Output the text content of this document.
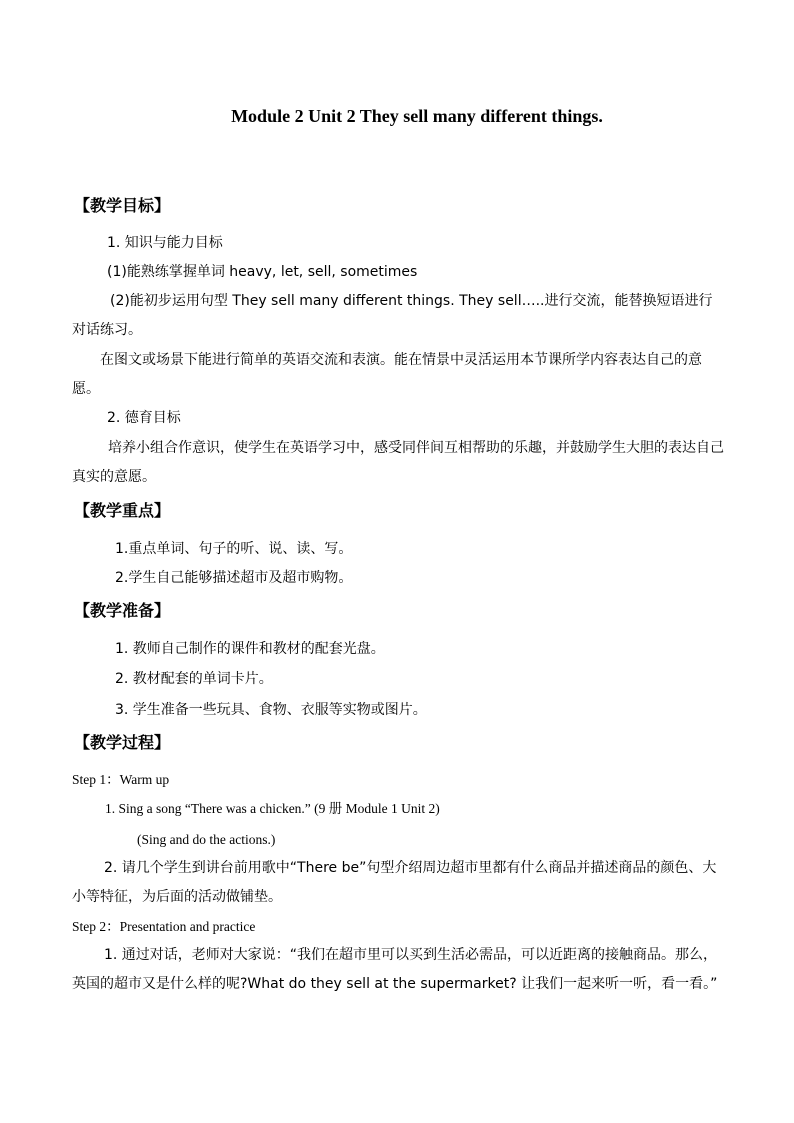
Module 2 Unit 2 They sell many different things.
【教学目标】
1. 知识与能力目标
(1)能熟练掌握单词 heavy, let, sell, sometimes
(2)能初步运用句型 They sell many different things. They sell…..进行交流，能替换短语进行对话练习。
在图文或场景下能进行简单的英语交流和表演。能在情景中灵活运用本节课所学内容表达自己的意愿。
2. 德育目标
培养小组合作意识，使学生在英语学习中，感受同伴间互相帮助的乐趣，并鼓励学生大胆的表达自己真实的意愿。
【教学重点】
1.重点单词、句子的听、说、读、写。
2.学生自己能够描述超市及超市购物。
【教学准备】
1. 教师自己制作的课件和教材的配套光盘。
2. 教材配套的单词卡片。
3. 学生准备一些玩具、食物、衣服等实物或图片。
【教学过程】
Step 1：Warm up
1. Sing a song “There was a chicken.” (9 册 Module 1 Unit 2)
(Sing and do the actions.)
2. 请几个学生到讲台前用歌中“There be”句型介绍周边超市里都有什么商品并描述商品的颜色、大小等特征，为后面的活动做铺垫。
Step 2：Presentation and practice
1. 通过对话，老师对大家说：“我们在超市里可以买到生活必需品，可以近距离的接触商品。那么，英国的超市又是什么样的呢?What do they sell at the supermarket? 让我们一起来听一听，看一看。”
